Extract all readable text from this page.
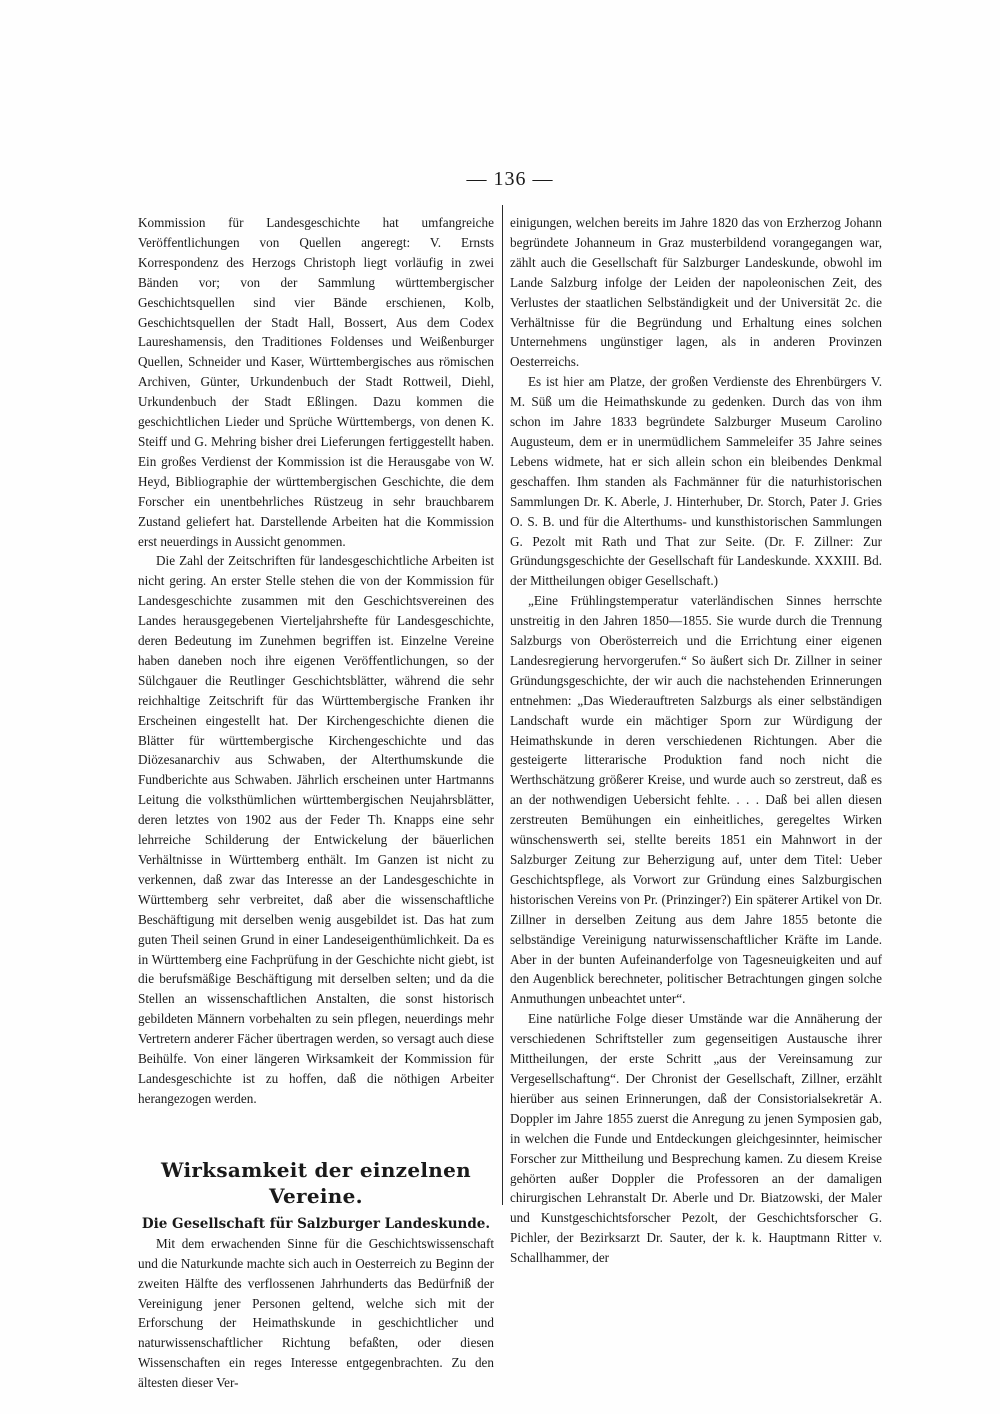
— 136 —

Kommission für Landesgeschichte hat umfangreiche Veröffentlichungen von Quellen angeregt: V. Ernsts Korrespondenz des Herzogs Christoph liegt vorläufig in zwei Bänden vor; von der Sammlung württembergischer Geschichtsquellen sind vier Bände erschienen, Kolb, Geschichtsquellen der Stadt Hall, Bossert, Aus dem Codex Laureshamensis, den Traditiones Foldenses und Weißenburger Quellen, Schneider und Kaser, Württembergisches aus römischen Archiven, Günter, Urkundenbuch der Stadt Rottweil, Diehl, Urkundenbuch der Stadt Eßlingen. Dazu kommen die geschichtlichen Lieder und Sprüche Württembergs, von denen K. Steiff und G. Mehring bisher drei Lieferungen fertiggestellt haben. Ein großes Verdienst der Kommission ist die Herausgabe von W. Heyd, Bibliographie der württembergischen Geschichte, die dem Forscher ein unentbehrliches Rüstzeug in sehr brauchbarem Zustand geliefert hat. Darstellende Arbeiten hat die Kommission erst neuerdings in Aussicht genommen.

Die Zahl der Zeitschriften für landesgeschichtliche Arbeiten ist nicht gering. An erster Stelle stehen die von der Kommission für Landesgeschichte zusammen mit den Geschichtsvereinen des Landes herausgegebenen Vierteljahrshefte für Landesgeschichte, deren Bedeutung im Zunehmen begriffen ist. Einzelne Vereine haben daneben noch ihre eigenen Veröffentlichungen, so der Sülchgauer die Reutlinger Geschichtsblätter, während die sehr reichhaltige Zeitschrift für das Württembergische Franken ihr Erscheinen eingestellt hat. Der Kirchengeschichte dienen die Blätter für württembergische Kirchengeschichte und das Diözesanarchiv aus Schwaben, der Alterthumskunde die Fundberichte aus Schwaben. Jährlich erscheinen unter Hartmanns Leitung die volksthümlichen württembergischen Neujahrsblätter, deren letztes von 1902 aus der Feder Th. Knapps eine sehr lehrreiche Schilderung der Entwickelung der bäuerlichen Verhältnisse in Württemberg enthält. Im Ganzen ist nicht zu verkennen, daß zwar das Interesse an der Landesgeschichte in Württemberg sehr verbreitet, daß aber die wissenschaftliche Beschäftigung mit derselben wenig ausgebildet ist. Das hat zum guten Theil seinen Grund in einer Landeseigenthümlichkeit. Da es in Württemberg eine Fachprüfung in der Geschichte nicht giebt, ist die berufsmäßige Beschäftigung mit derselben selten; und da die Stellen an wissenschaftlichen Anstalten, die sonst historisch gebildeten Männern vorbehalten zu sein pflegen, neuerdings mehr Vertretern anderer Fächer übertragen werden, so versagt auch diese Beihülfe. Von einer längeren Wirksamkeit der Kommission für Landesgeschichte ist zu hoffen, daß die nöthigen Arbeiter herangezogen werden.

Wirksamkeit der einzelnen Vereine.
Die Gesellschaft für Salzburger Landeskunde.

Mit dem erwachenden Sinne für die Geschichtswissenschaft und die Naturkunde machte sich auch in Oesterreich zu Beginn der zweiten Hälfte des verflossenen Jahrhunderts das Bedürfniß der Vereinigung jener Personen geltend, welche sich mit der Erforschung der Heimathskunde in geschichtlicher und naturwissenschaftlicher Richtung befaßten, oder diesen Wissenschaften ein reges Interesse entgegenbrachten. Zu den ältesten dieser Ver-

einigungen, welchen bereits im Jahre 1820 das von Erzherzog Johann begründete Johanneum in Graz musterbildend vorangegangen war, zählt auch die Gesellschaft für Salzburger Landeskunde, obwohl im Lande Salzburg infolge der Leiden der napoleonischen Zeit, des Verlustes der staatlichen Selbständigkeit und der Universität 2c. die Verhältnisse für die Begründung und Erhaltung eines solchen Unternehmens ungünstiger lagen, als in anderen Provinzen Oesterreichs.

Es ist hier am Platze, der großen Verdienste des Ehrenbürgers V. M. Süß um die Heimathskunde zu gedenken. Durch das von ihm schon im Jahre 1833 begründete Salzburger Museum Carolino Augusteum, dem er in unermüdlichem Sammeleifer 35 Jahre seines Lebens widmete, hat er sich allein schon ein bleibendes Denkmal geschaffen. Ihm standen als Fachmänner für die naturhistorischen Sammlungen Dr. K. Aberle, J. Hinterhuber, Dr. Storch, Pater J. Gries O. S. B. und für die Alterthums- und kunsthistorischen Sammlungen G. Pezolt mit Rath und That zur Seite. (Dr. F. Zillner: Zur Gründungsgeschichte der Gesellschaft für Landeskunde. XXXIII. Bd. der Mittheilungen obiger Gesellschaft.)

„Eine Frühlingstemperatur vaterländischen Sinnes herrschte unstreitig in den Jahren 1850—1855. Sie wurde durch die Trennung Salzburgs von Oberösterreich und die Errichtung einer eigenen Landesregierung hervorgerufen.“ So äußert sich Dr. Zillner in seiner Gründungsgeschichte, der wir auch die nachstehenden Erinnerungen entnehmen: „Das Wiederauftreten Salzburgs als einer selbständigen Landschaft wurde ein mächtiger Sporn zur Würdigung der Heimathskunde in deren verschiedenen Richtungen. Aber die gesteigerte litterarische Produktion fand noch nicht die Werthschätzung größerer Kreise, und wurde auch so zerstreut, daß es an der nothwendigen Uebersicht fehlte. . . . Daß bei allen diesen zerstreuten Bemühungen ein einheitliches, geregeltes Wirken wünschenswerth sei, stellte bereits 1851 ein Mahnwort in der Salzburger Zeitung zur Beherzigung auf, unter dem Titel: Ueber Geschichtspflege, als Vorwort zur Gründung eines Salzburgischen historischen Vereins von Pr. (Prinzinger?) Ein späterer Artikel von Dr. Zillner in derselben Zeitung aus dem Jahre 1855 betonte die selbständige Vereinigung naturwissenschaftlicher Kräfte im Lande. Aber in der bunten Aufeinanderfolge von Tagesneuigkeiten und auf den Augenblick berechneter, politischer Betrachtungen gingen solche Anmuthungen unbeachtet unter“.

Eine natürliche Folge dieser Umstände war die Annäherung der verschiedenen Schriftsteller zum gegenseitigen Austausche ihrer Mittheilungen, der erste Schritt „aus der Vereinsamung zur Vergesellschaftung“. Der Chronist der Gesellschaft, Zillner, erzählt hierüber aus seinen Erinnerungen, daß der Consistorialsekretär A. Doppler im Jahre 1855 zuerst die Anregung zu jenen Symposien gab, in welchen die Funde und Entdeckungen gleichgesinnter, heimischer Forscher zur Mittheilung und Besprechung kamen. Zu diesem Kreise gehörten außer Doppler die Professoren an der damaligen chirurgischen Lehranstalt Dr. Aberle und Dr. Biatzowski, der Maler und Kunstgeschichtsforscher Pezolt, der Geschichtsforscher G. Pichler, der Bezirksarzt Dr. Sauter, der k. k. Hauptmann Ritter v. Schallhammer, der
